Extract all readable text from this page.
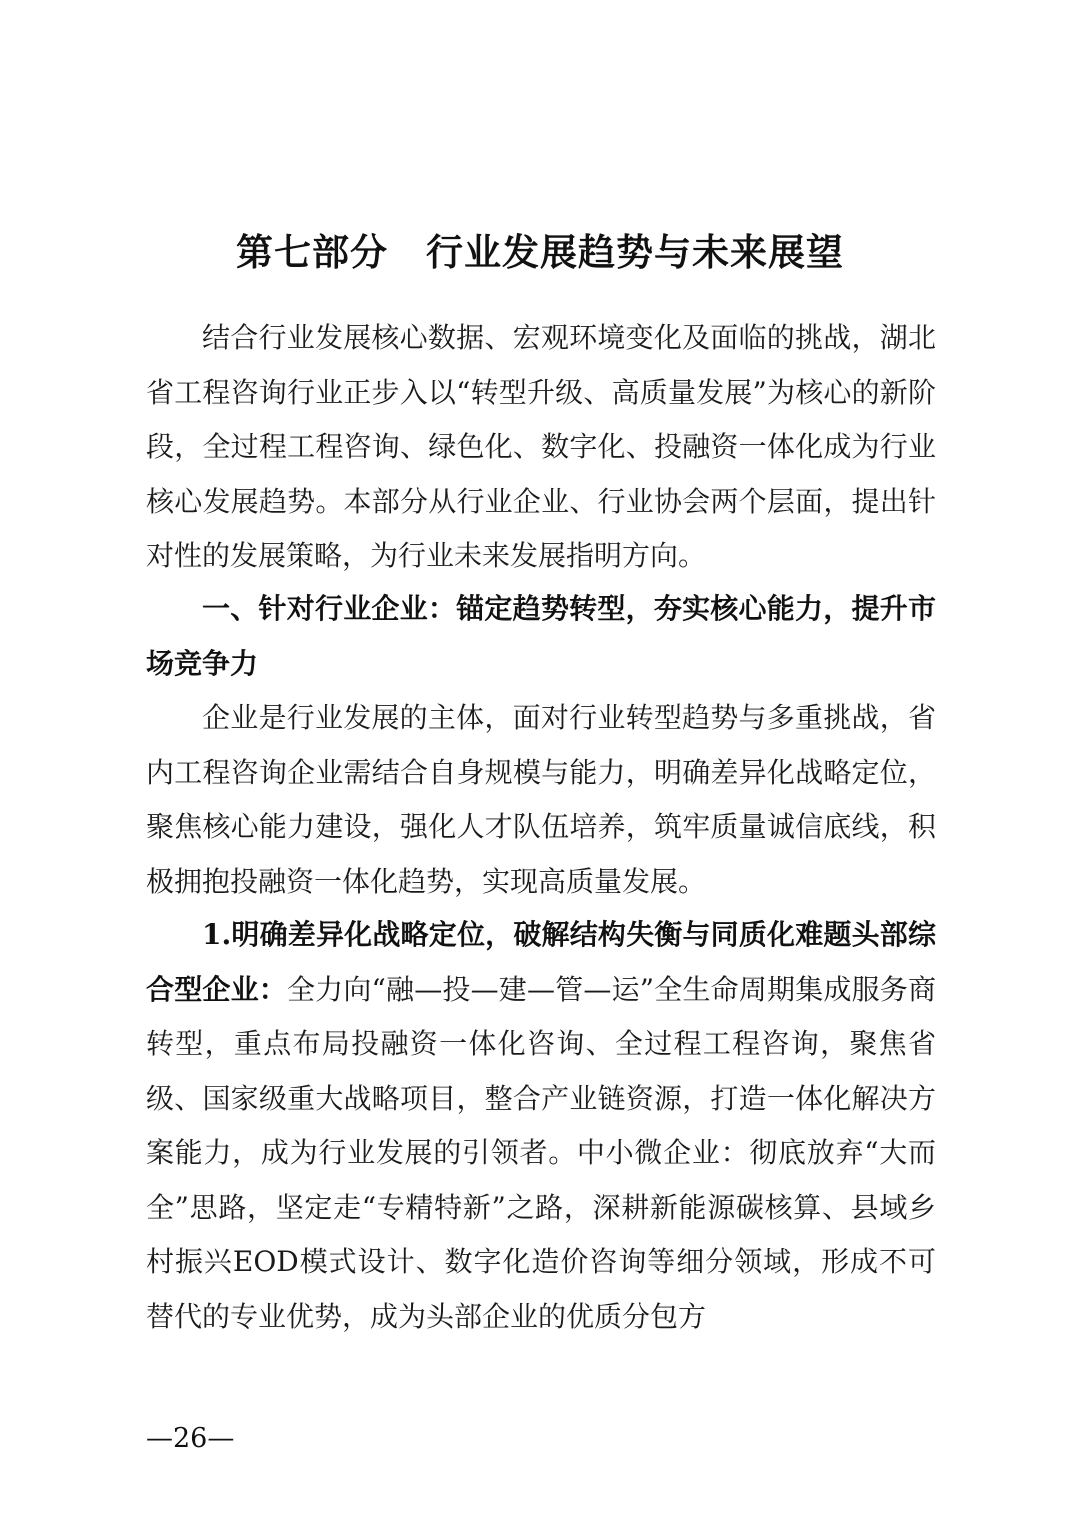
第七部分　行业发展趋势与未来展望

结合行业发展核心数据、宏观环境变化及面临的挑战，湖北省工程咨询行业正步入以“转型升级、高质量发展”为核心的新阶段，全过程工程咨询、绿色化、数字化、投融资一体化成为行业核心发展趋势。本部分从行业企业、行业协会两个层面，提出针对性的发展策略，为行业未来发展指明方向。

一、针对行业企业：锚定趋势转型，夯实核心能力，提升市场竞争力

企业是行业发展的主体，面对行业转型趋势与多重挑战，省内工程咨询企业需结合自身规模与能力，明确差异化战略定位，聚焦核心能力建设，强化人才队伍培养，筑牢质量诚信底线，积极拥抱投融资一体化趋势，实现高质量发展。

1.明确差异化战略定位，破解结构失衡与同质化难题头部综合型企业：全力向“融—投—建—管—运”全生命周期集成服务商转型，重点布局投融资一体化咨询、全过程工程咨询，聚焦省级、国家级重大战略项目，整合产业链资源，打造一体化解决方案能力，成为行业发展的引领者。中小微企业：彻底放弃“大而全”思路，坚定走“专精特新”之路，深耕新能源碳核算、县域乡村振兴EOD模式设计、数字化造价咨询等细分领域，形成不可替代的专业优势，成为头部企业的优质分包方

—26—
